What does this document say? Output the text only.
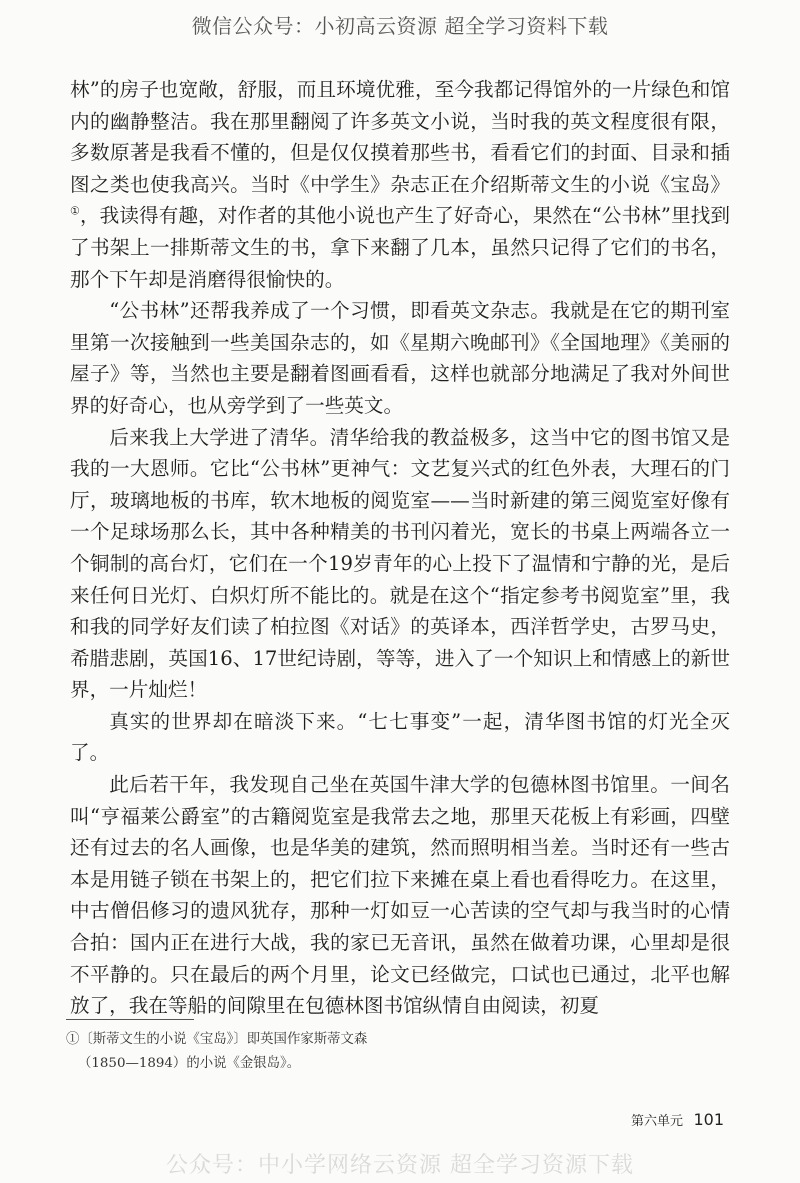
微信公众号：小初高云资源 超全学习资料下载

林”的房子也宽敞，舒服，而且环境优雅，至今我都记得馆外的一片绿色和馆内的幽静整洁。我在那里翻阅了许多英文小说，当时我的英文程度很有限，多数原著是我看不懂的，但是仅仅摸着那些书，看看它们的封面、目录和插图之类也使我高兴。当时《中学生》杂志正在介绍斯蒂文生的小说《宝岛》①，我读得有趣，对作者的其他小说也产生了好奇心，果然在“公书林”里找到了书架上一排斯蒂文生的书，拿下来翻了几本，虽然只记得了它们的书名，那个下午却是消磨得很愉快的。

“公书林”还帮我养成了一个习惯，即看英文杂志。我就是在它的期刊室里第一次接触到一些美国杂志的，如《星期六晚邮刊》《全国地理》《美丽的屋子》等，当然也主要是翻着图画看看，这样也就部分地满足了我对外间世界的好奇心，也从旁学到了一些英文。

后来我上大学进了清华。清华给我的教益极多，这当中它的图书馆又是我的一大恩师。它比“公书林”更神气：文艺复兴式的红色外表，大理石的门厅，玻璃地板的书库，软木地板的阅览室——当时新建的第三阅览室好像有一个足球场那么长，其中各种精美的书刊闪着光，宽长的书桌上两端各立一个铜制的高台灯，它们在一个19岁青年的心上投下了温情和宁静的光，是后来任何日光灯、白炽灯所不能比的。就是在这个“指定参考书阅览室”里，我和我的同学好友们读了柏拉图《对话》的英译本，西洋哲学史，古罗马史，希腊悲剧，英国16、17世纪诗剧，等等，进入了一个知识上和情感上的新世界，一片灿烂！

真实的世界却在暗淡下来。“七七事变”一起，清华图书馆的灯光全灭了。

此后若干年，我发现自己坐在英国牛津大学的包德林图书馆里。一间名叫“亨福莱公爵室”的古籍阅览室是我常去之地，那里天花板上有彩画，四壁还有过去的名人画像，也是华美的建筑，然而照明相当差。当时还有一些古本是用链子锁在书架上的，把它们拉下来摊在桌上看也看得吃力。在这里，中古僧侣修习的遗风犹存，那种一灯如豆一心苦读的空气却与我当时的心情合拍：国内正在进行大战，我的家已无音讯，虽然在做着功课，心里却是很不平静的。只在最后的两个月里，论文已经做完，口试也已通过，北平也解放了，我在等船的间隙里在包德林图书馆纵情自由阅读，初夏

①〔斯蒂文生的小说《宝岛》〕即英国作家斯蒂文森
（1850—1894）的小说《金银岛》。
第六单元 101
公众号：中小学网络云资源 超全学习资源下载
